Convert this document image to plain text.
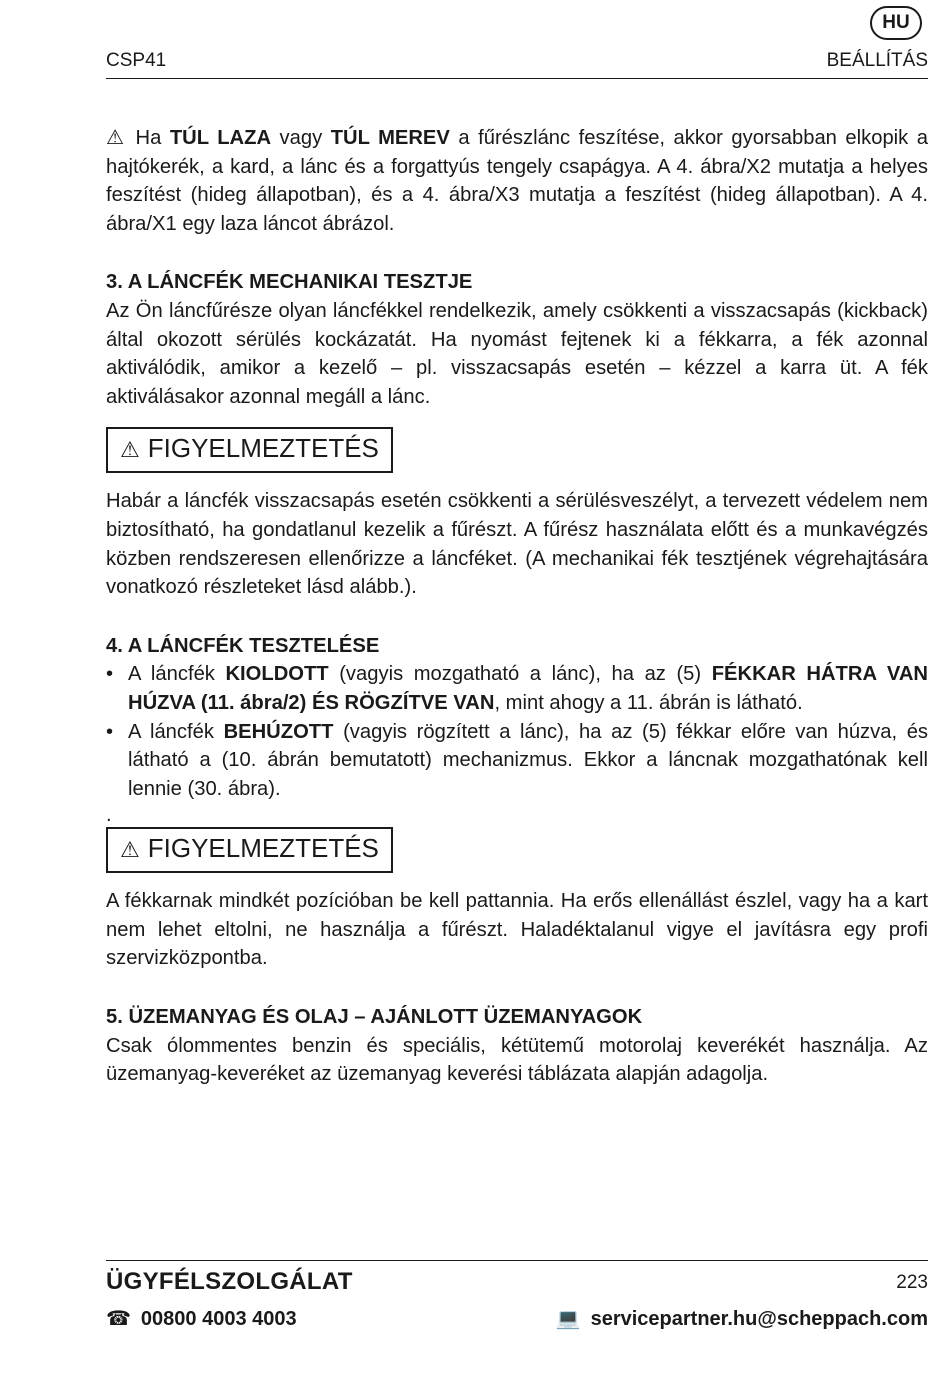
HU
CSP41	BEÁLLÍTÁS

⚠ Ha TÚL LAZA vagy TÚL MEREV a fűrészlánc feszítése, akkor gyorsabban elkopik a hajtókerék, a kard, a lánc és a forgattyús tengely csapágya. A 4. ábra/X2 mutatja a helyes feszítést (hideg állapotban), és a 4. ábra/X3 mutatja a feszítést (hideg állapotban). A 4. ábra/X1 egy laza láncot ábrázol.

3. A LÁNCFÉK MECHANIKAI TESZTJE

Az Ön láncfűrésze olyan láncfékkel rendelkezik, amely csökkenti a visszacsapás (kickback) által okozott sérülés kockázatát. Ha nyomást fejtenek ki a fékkarra, a fék azonnal aktiválódik, amikor a kezelő – pl. visszacsapás esetén – kézzel a karra üt. A fék aktiválásakor azonnal megáll a lánc.

⚠ FIGYELMEZTETÉS

Habár a láncfék visszacsapás esetén csökkenti a sérülésveszélyt, a tervezett védelem nem biztosítható, ha gondatlanul kezelik a fűrészt. A fűrész használata előtt és a munkavégzés közben rendszeresen ellenőrizze a láncféket. (A mechanikai fék tesztjének végrehajtására vonatkozó részleteket lásd alább.).

4. A LÁNCFÉK TESZTELÉSE

• A láncfék KIOLDOTT (vagyis mozgatható a lánc), ha az (5) FÉKKAR HÁTRA VAN HÚZVA (11. ábra/2) ÉS RÖGZÍTVE VAN, mint ahogy a 11. ábrán is látható.
• A láncfék BEHÚZOTT (vagyis rögzített a lánc), ha az (5) fékkar előre van húzva, és látható a (10. ábrán bemutatott) mechanizmus. Ekkor a láncnak mozgathatónak kell lennie (30. ábra).

.

⚠ FIGYELMEZTETÉS

A fékkarnak mindkét pozícióban be kell pattannia. Ha erős ellenállást észlel, vagy ha a kart nem lehet eltolni, ne használja a fűrészt. Haladéktalanul vigye el javításra egy profi szervizközpontba.

5. ÜZEMANYAG ÉS OLAJ – AJÁNLOTT ÜZEMANYAGOK

Csak ólommentes benzin és speciális, kétütemű motorolaj keverékét használja. Az üzemanyag-keveréket az üzemanyag keverési táblázata alapján adagolja.

ÜGYFÉLSZOLGÁLAT	223
☎ 00800 4003 4003	💻 servicepartner.hu@scheppach.com
